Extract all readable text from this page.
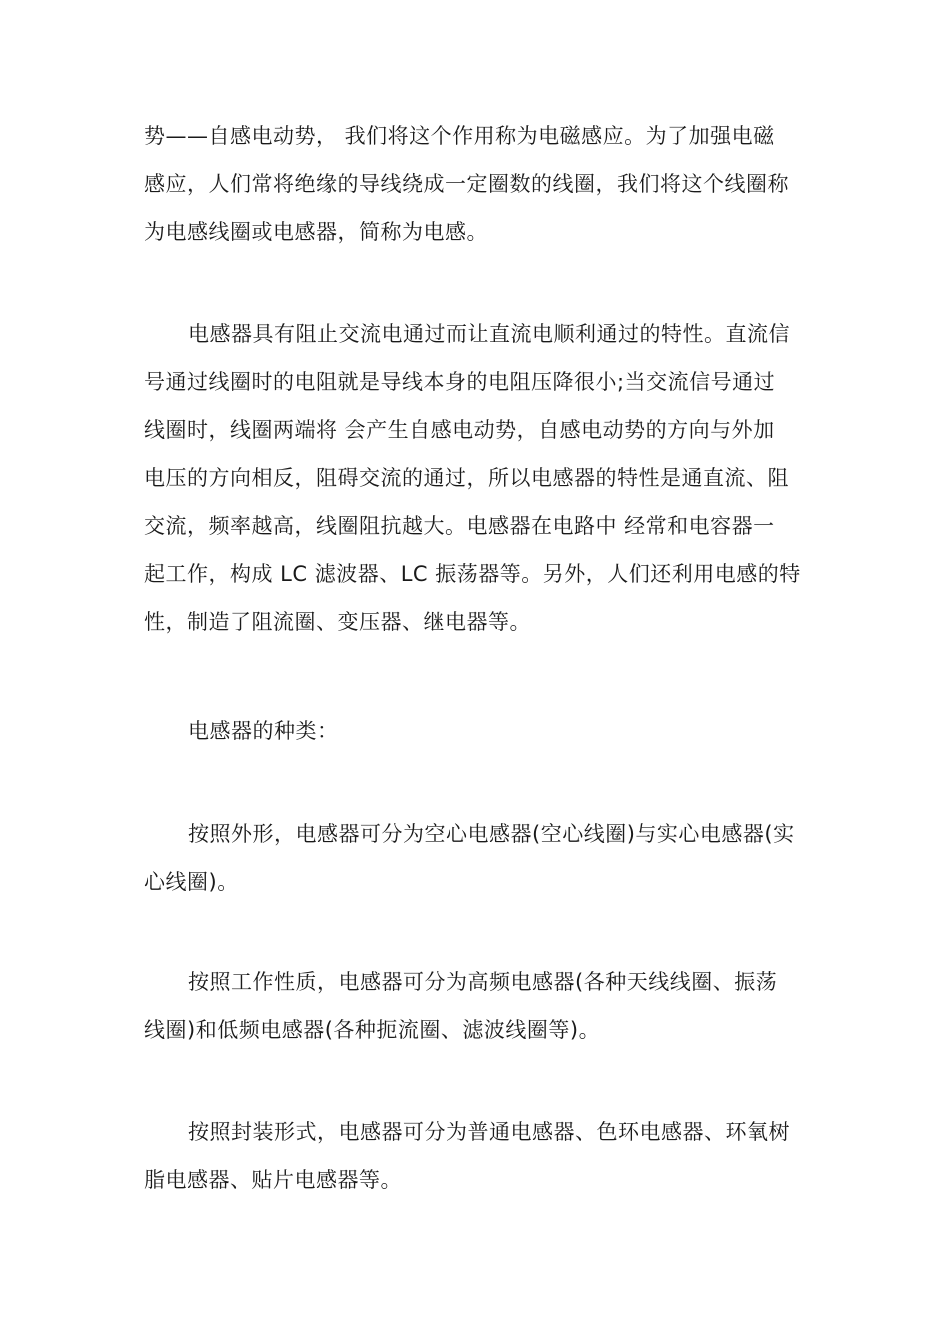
势——自感电动势， 我们将这个作用称为电磁感应。为了加强电磁
感应，人们常将绝缘的导线绕成一定圈数的线圈，我们将这个线圈称
为电感线圈或电感器，简称为电感。
电感器具有阻止交流电通过而让直流电顺利通过的特性。直流信
号通过线圈时的电阻就是导线本身的电阻压降很小;当交流信号通过
线圈时，线圈两端将 会产生自感电动势，自感电动势的方向与外加
电压的方向相反，阻碍交流的通过，所以电感器的特性是通直流、阻
交流，频率越高，线圈阻抗越大。电感器在电路中 经常和电容器一
起工作，构成 LC 滤波器、LC 振荡器等。另外，人们还利用电感的特
性，制造了阻流圈、变压器、继电器等。
电感器的种类：
按照外形，电感器可分为空心电感器(空心线圈)与实心电感器(实
心线圈)。
按照工作性质，电感器可分为高频电感器(各种天线线圈、振荡
线圈)和低频电感器(各种扼流圈、滤波线圈等)。
按照封装形式，电感器可分为普通电感器、色环电感器、环氧树
脂电感器、贴片电感器等。
